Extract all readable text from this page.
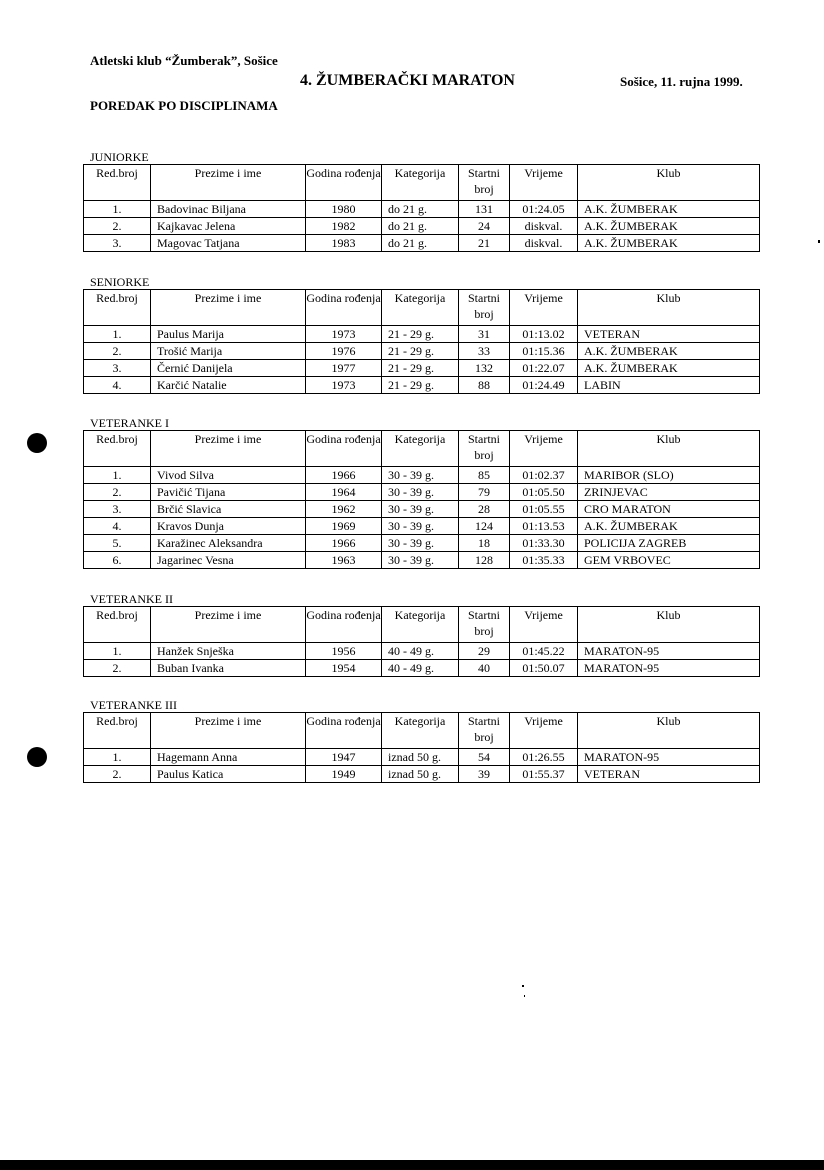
Atletski klub “Žumberak”, Sošice
4. ŽUMBERAČKI MARATON	Sošice, 11. rujna 1999.
POREDAK PO DISCIPLINAMA
JUNIORKE
Red.broj	Prezime i ime	Godina rođenja	Kategorija	Startni broj	Vrijeme	Klub
1.	Badovinac Biljana	1980	do 21 g.	131	01:24.05	A.K. ŽUMBERAK
2.	Kajkavac Jelena	1982	do 21 g.	24	diskval.	A.K. ŽUMBERAK
3.	Magovac Tatjana	1983	do 21 g.	21	diskval.	A.K. ŽUMBERAK
SENIORKE
Red.broj	Prezime i ime	Godina rođenja	Kategorija	Startni broj	Vrijeme	Klub
1.	Paulus Marija	1973	21 - 29 g.	31	01:13.02	VETERAN
2.	Trošić Marija	1976	21 - 29 g.	33	01:15.36	A.K. ŽUMBERAK
3.	Černić Danijela	1977	21 - 29 g.	132	01:22.07	A.K. ŽUMBERAK
4.	Karčić Natalie	1973	21 - 29 g.	88	01:24.49	LABIN
VETERANKE I
Red.broj	Prezime i ime	Godina rođenja	Kategorija	Startni broj	Vrijeme	Klub
1.	Vivod Silva	1966	30 - 39 g.	85	01:02.37	MARIBOR (SLO)
2.	Pavičić Tijana	1964	30 - 39 g.	79	01:05.50	ZRINJEVAC
3.	Brčić Slavica	1962	30 - 39 g.	28	01:05.55	CRO MARATON
4.	Kravos Dunja	1969	30 - 39 g.	124	01:13.53	A.K. ŽUMBERAK
5.	Karažinec Aleksandra	1966	30 - 39 g.	18	01:33.30	POLICIJA ZAGREB
6.	Jagarinec Vesna	1963	30 - 39 g.	128	01:35.33	GEM VRBOVEC
VETERANKE II
Red.broj	Prezime i ime	Godina rođenja	Kategorija	Startni broj	Vrijeme	Klub
1.	Hanžek Snješka	1956	40 - 49 g.	29	01:45.22	MARATON-95
2.	Buban Ivanka	1954	40 - 49 g.	40	01:50.07	MARATON-95
VETERANKE III
Red.broj	Prezime i ime	Godina rođenja	Kategorija	Startni broj	Vrijeme	Klub
1.	Hagemann Anna	1947	iznad 50 g.	54	01:26.55	MARATON-95
2.	Paulus Katica	1949	iznad 50 g.	39	01:55.37	VETERAN
